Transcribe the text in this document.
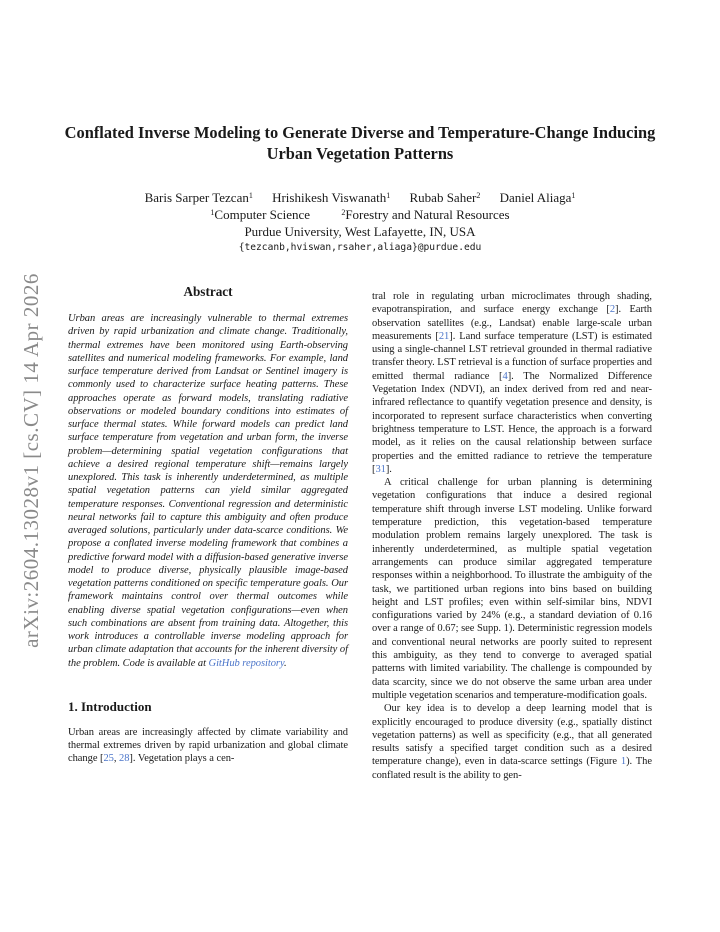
arXiv:2604.13028v1 [cs.CV] 14 Apr 2026
Conflated Inverse Modeling to Generate Diverse and Temperature-Change Inducing Urban Vegetation Patterns
Baris Sarper Tezcan$^1$ Hrishikesh Viswanath$^1$ Rubab Saher$^2$ Daniel Aliaga$^1$
$^1$Computer Science	$^2$Forestry and Natural Resources
Purdue University, West Lafayette, IN, USA
{tezcanb,hviswan,rsaher,aliaga}@purdue.edu
Abstract

Urban areas are increasingly vulnerable to thermal extremes driven by rapid urbanization and climate change. Traditionally, thermal extremes have been monitored using Earth-observing satellites and numerical modeling frameworks. For example, land surface temperature derived from Landsat or Sentinel imagery is commonly used to characterize surface heating patterns. These approaches operate as forward models, translating radiative observations or modeled boundary conditions into estimates of surface thermal states. While forward models can predict land surface temperature from vegetation and urban form, the inverse problem—determining spatial vegetation configurations that achieve a desired regional temperature shift—remains largely unexplored. This task is inherently underdetermined, as multiple spatial vegetation patterns can yield similar aggregated temperature responses. Conventional regression and deterministic neural networks fail to capture this ambiguity and often produce averaged solutions, particularly under data-scarce conditions. We propose a conflated inverse modeling framework that combines a predictive forward model with a diffusion-based generative inverse model to produce diverse, physically plausible image-based vegetation patterns conditioned on specific temperature goals. Our framework maintains control over thermal outcomes while enabling diverse spatial vegetation configurations—even when such combinations are absent from training data. Altogether, this work introduces a controllable inverse modeling approach for urban climate adaptation that accounts for the inherent diversity of the problem. Code is available at GitHub repository.

1. Introduction

Urban areas are increasingly affected by climate variability and thermal extremes driven by rapid urbanization and global climate change [25, 28]. Vegetation plays a cen-

tral role in regulating urban microclimates through shading, evapotranspiration, and surface energy exchange [2]. Earth observation satellites (e.g., Landsat) enable large-scale urban measurements [21]. Land surface temperature (LST) is estimated using a single-channel LST retrieval grounded in thermal radiative transfer theory. LST retrieval is a function of surface properties and emitted thermal radiance [4]. The Normalized Difference Vegetation Index (NDVI), an index derived from red and near-infrared reflectance to quantify vegetation presence and density, is incorporated to represent surface characteristics when converting brightness temperature to LST. Hence, the approach is a forward model, as it relies on the causal relationship between surface properties and the emitted radiance to retrieve the temperature [31].

A critical challenge for urban planning is determining vegetation configurations that induce a desired regional temperature shift through inverse LST modeling. Unlike forward temperature prediction, this vegetation-based temperature modulation problem remains largely unexplored. The task is inherently underdetermined, as multiple spatial vegetation arrangements can produce similar aggregated temperature responses within a neighborhood. To illustrate the ambiguity of the task, we partitioned urban regions into bins based on building height and LST profiles; even within self-similar bins, NDVI configurations varied by 24% (e.g., a standard deviation of 0.16 over a range of 0.67; see Supp. 1). Deterministic regression models and conventional neural networks are poorly suited to represent this ambiguity, as they tend to converge to averaged spatial patterns with limited variability. The challenge is compounded by data scarcity, since we do not observe the same urban area under multiple vegetation scenarios and temperature-modification goals.

Our key idea is to develop a deep learning model that is explicitly encouraged to produce diversity (e.g., spatially distinct vegetation patterns) as well as specificity (e.g., that all generated results satisfy a specified target condition such as a desired temperature change), even in data-scarce settings (Figure 1). The conflated result is the ability to gen-
